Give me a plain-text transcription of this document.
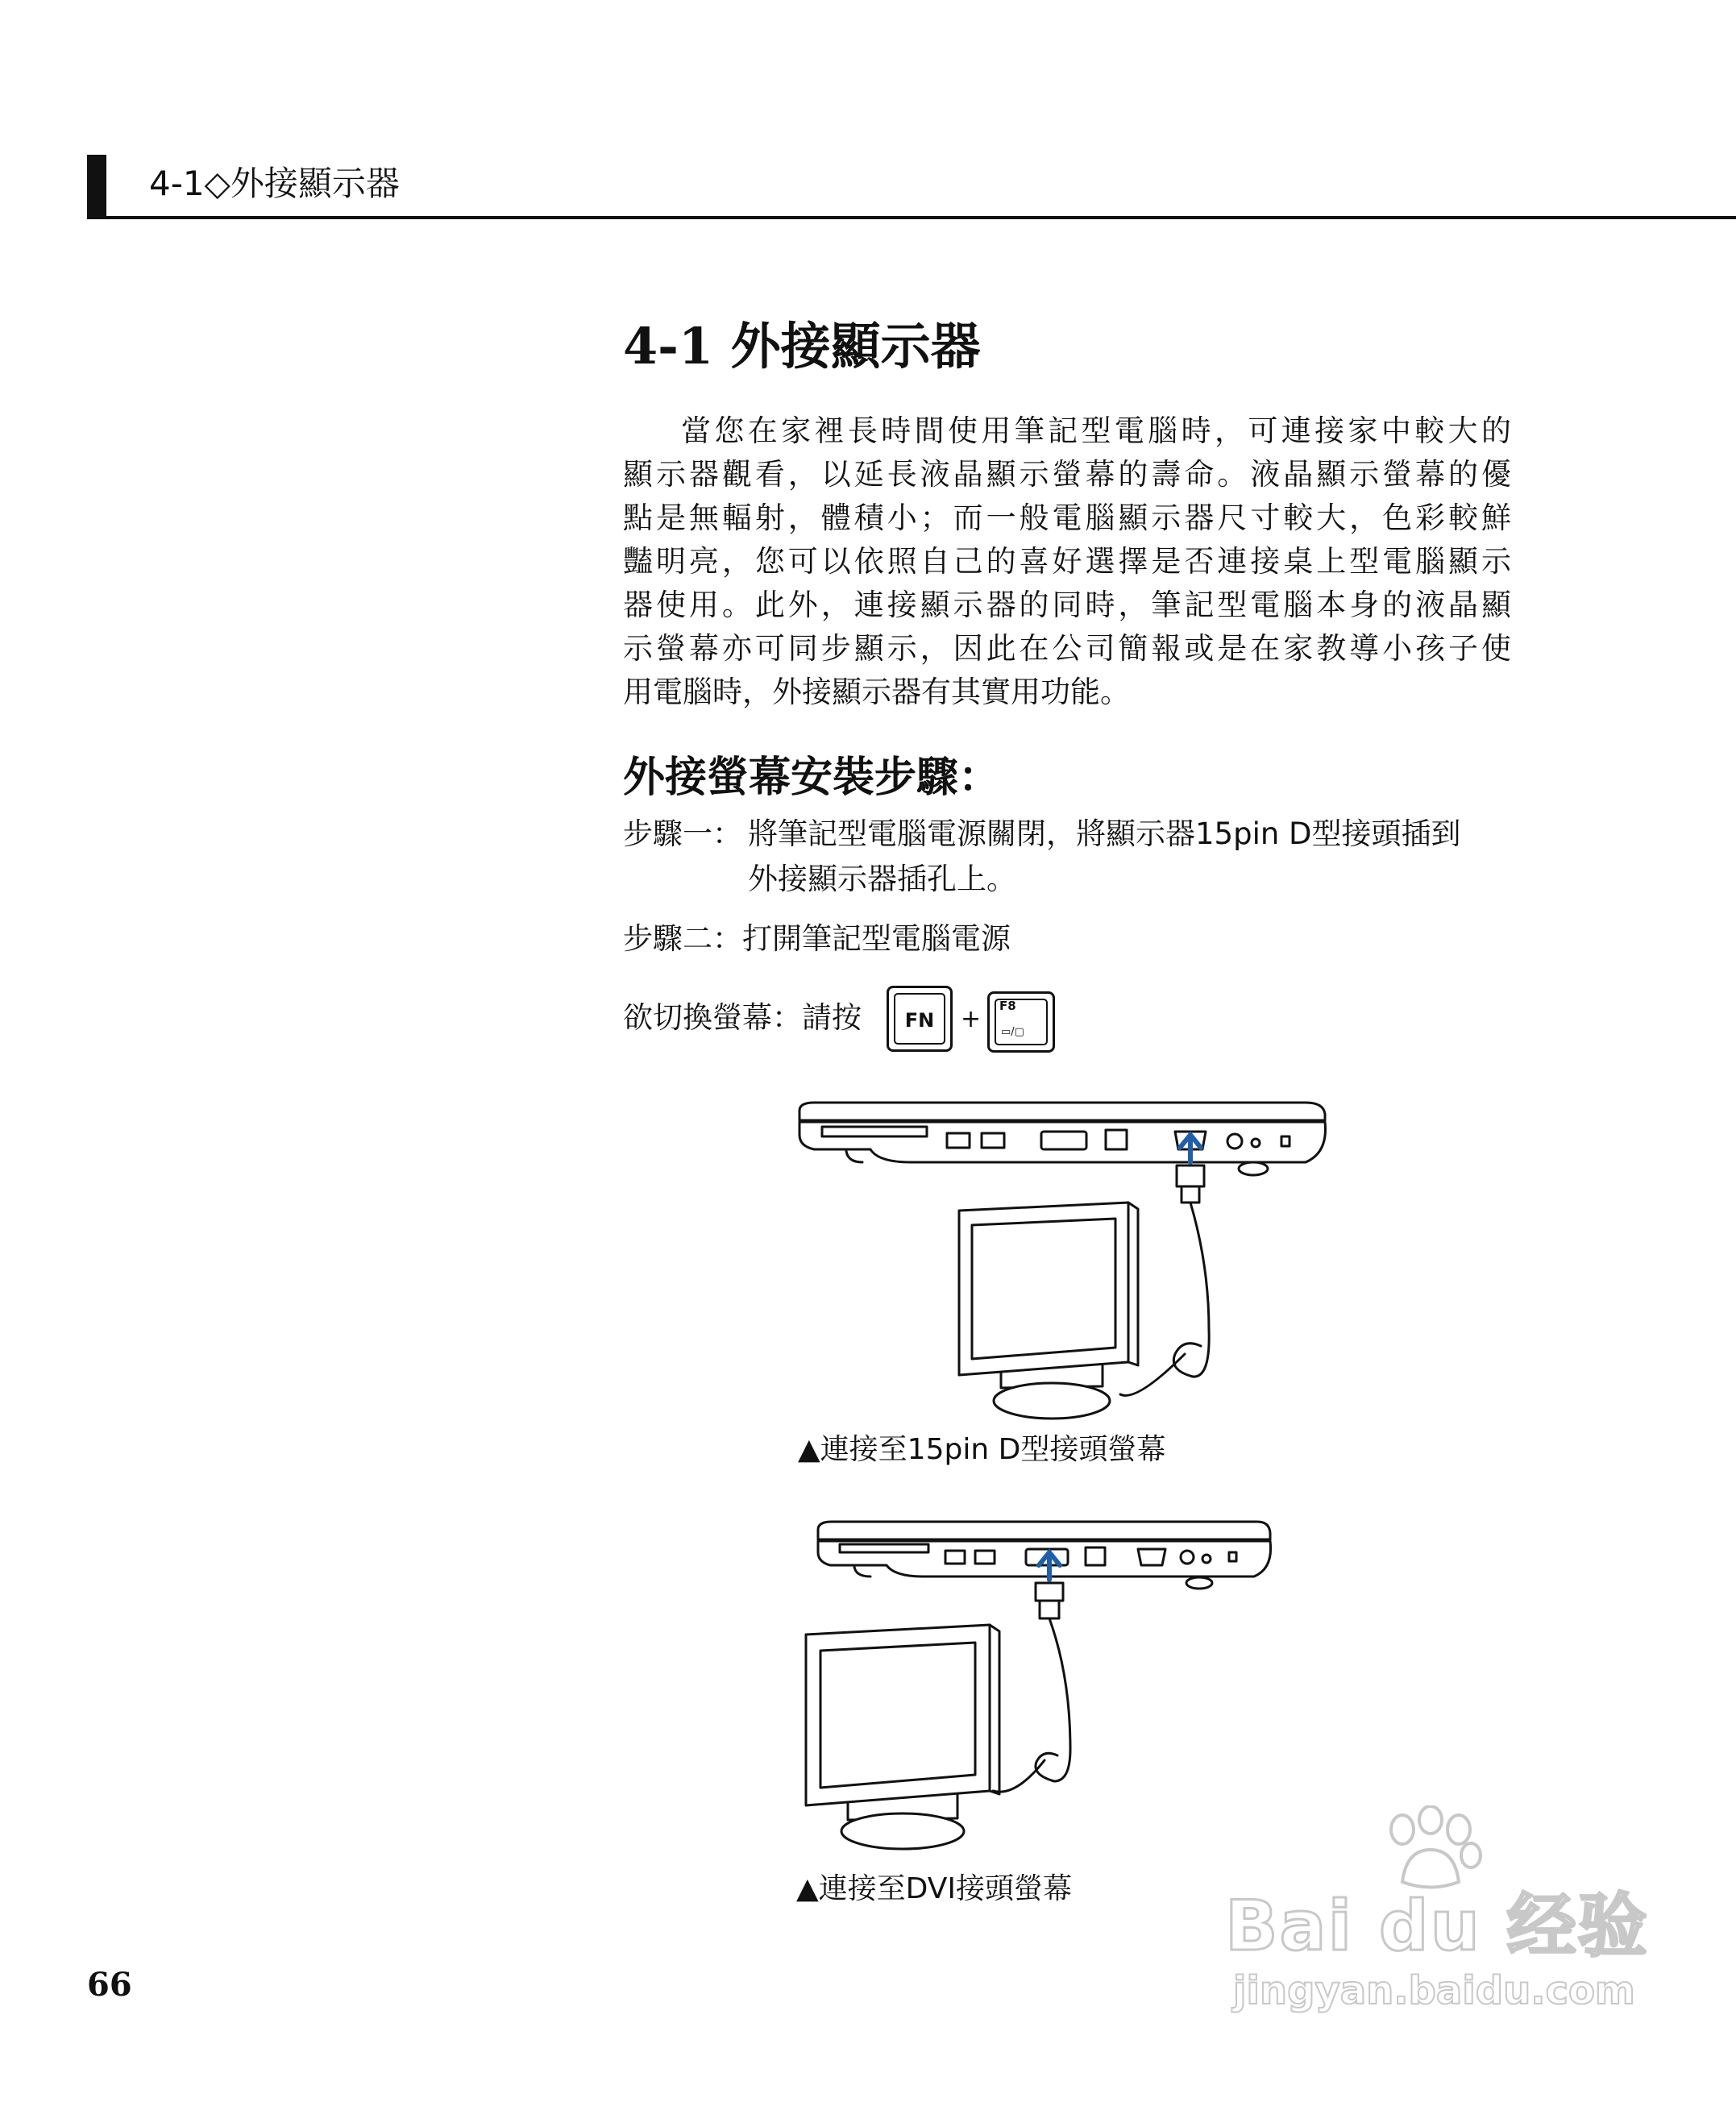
4-1◇外接顯示器
4-1 外接顯示器
當您在家裡長時間使用筆記型電腦時，可連接家中較大的
顯示器觀看，以延長液晶顯示螢幕的壽命。液晶顯示螢幕的優
點是無輻射，體積小；而一般電腦顯示器尺寸較大，色彩較鮮
豔明亮，您可以依照自己的喜好選擇是否連接桌上型電腦顯示
器使用。此外，連接顯示器的同時，筆記型電腦本身的液晶顯
示螢幕亦可同步顯示，因此在公司簡報或是在家教導小孩子使
用電腦時，外接顯示器有其實用功能。
外接螢幕安裝步驟：
步驟一： 將筆記型電腦電源關閉，將顯示器15pin D型接頭插到
外接顯示器插孔上。
步驟二：打開筆記型電腦電源
欲切換螢幕：請按	FN	+ F8
▭/▢
▲連接至15pin D型接頭螢幕
▲連接至DVI接頭螢幕
66
Bai du 经验
jingyan.baidu.com
